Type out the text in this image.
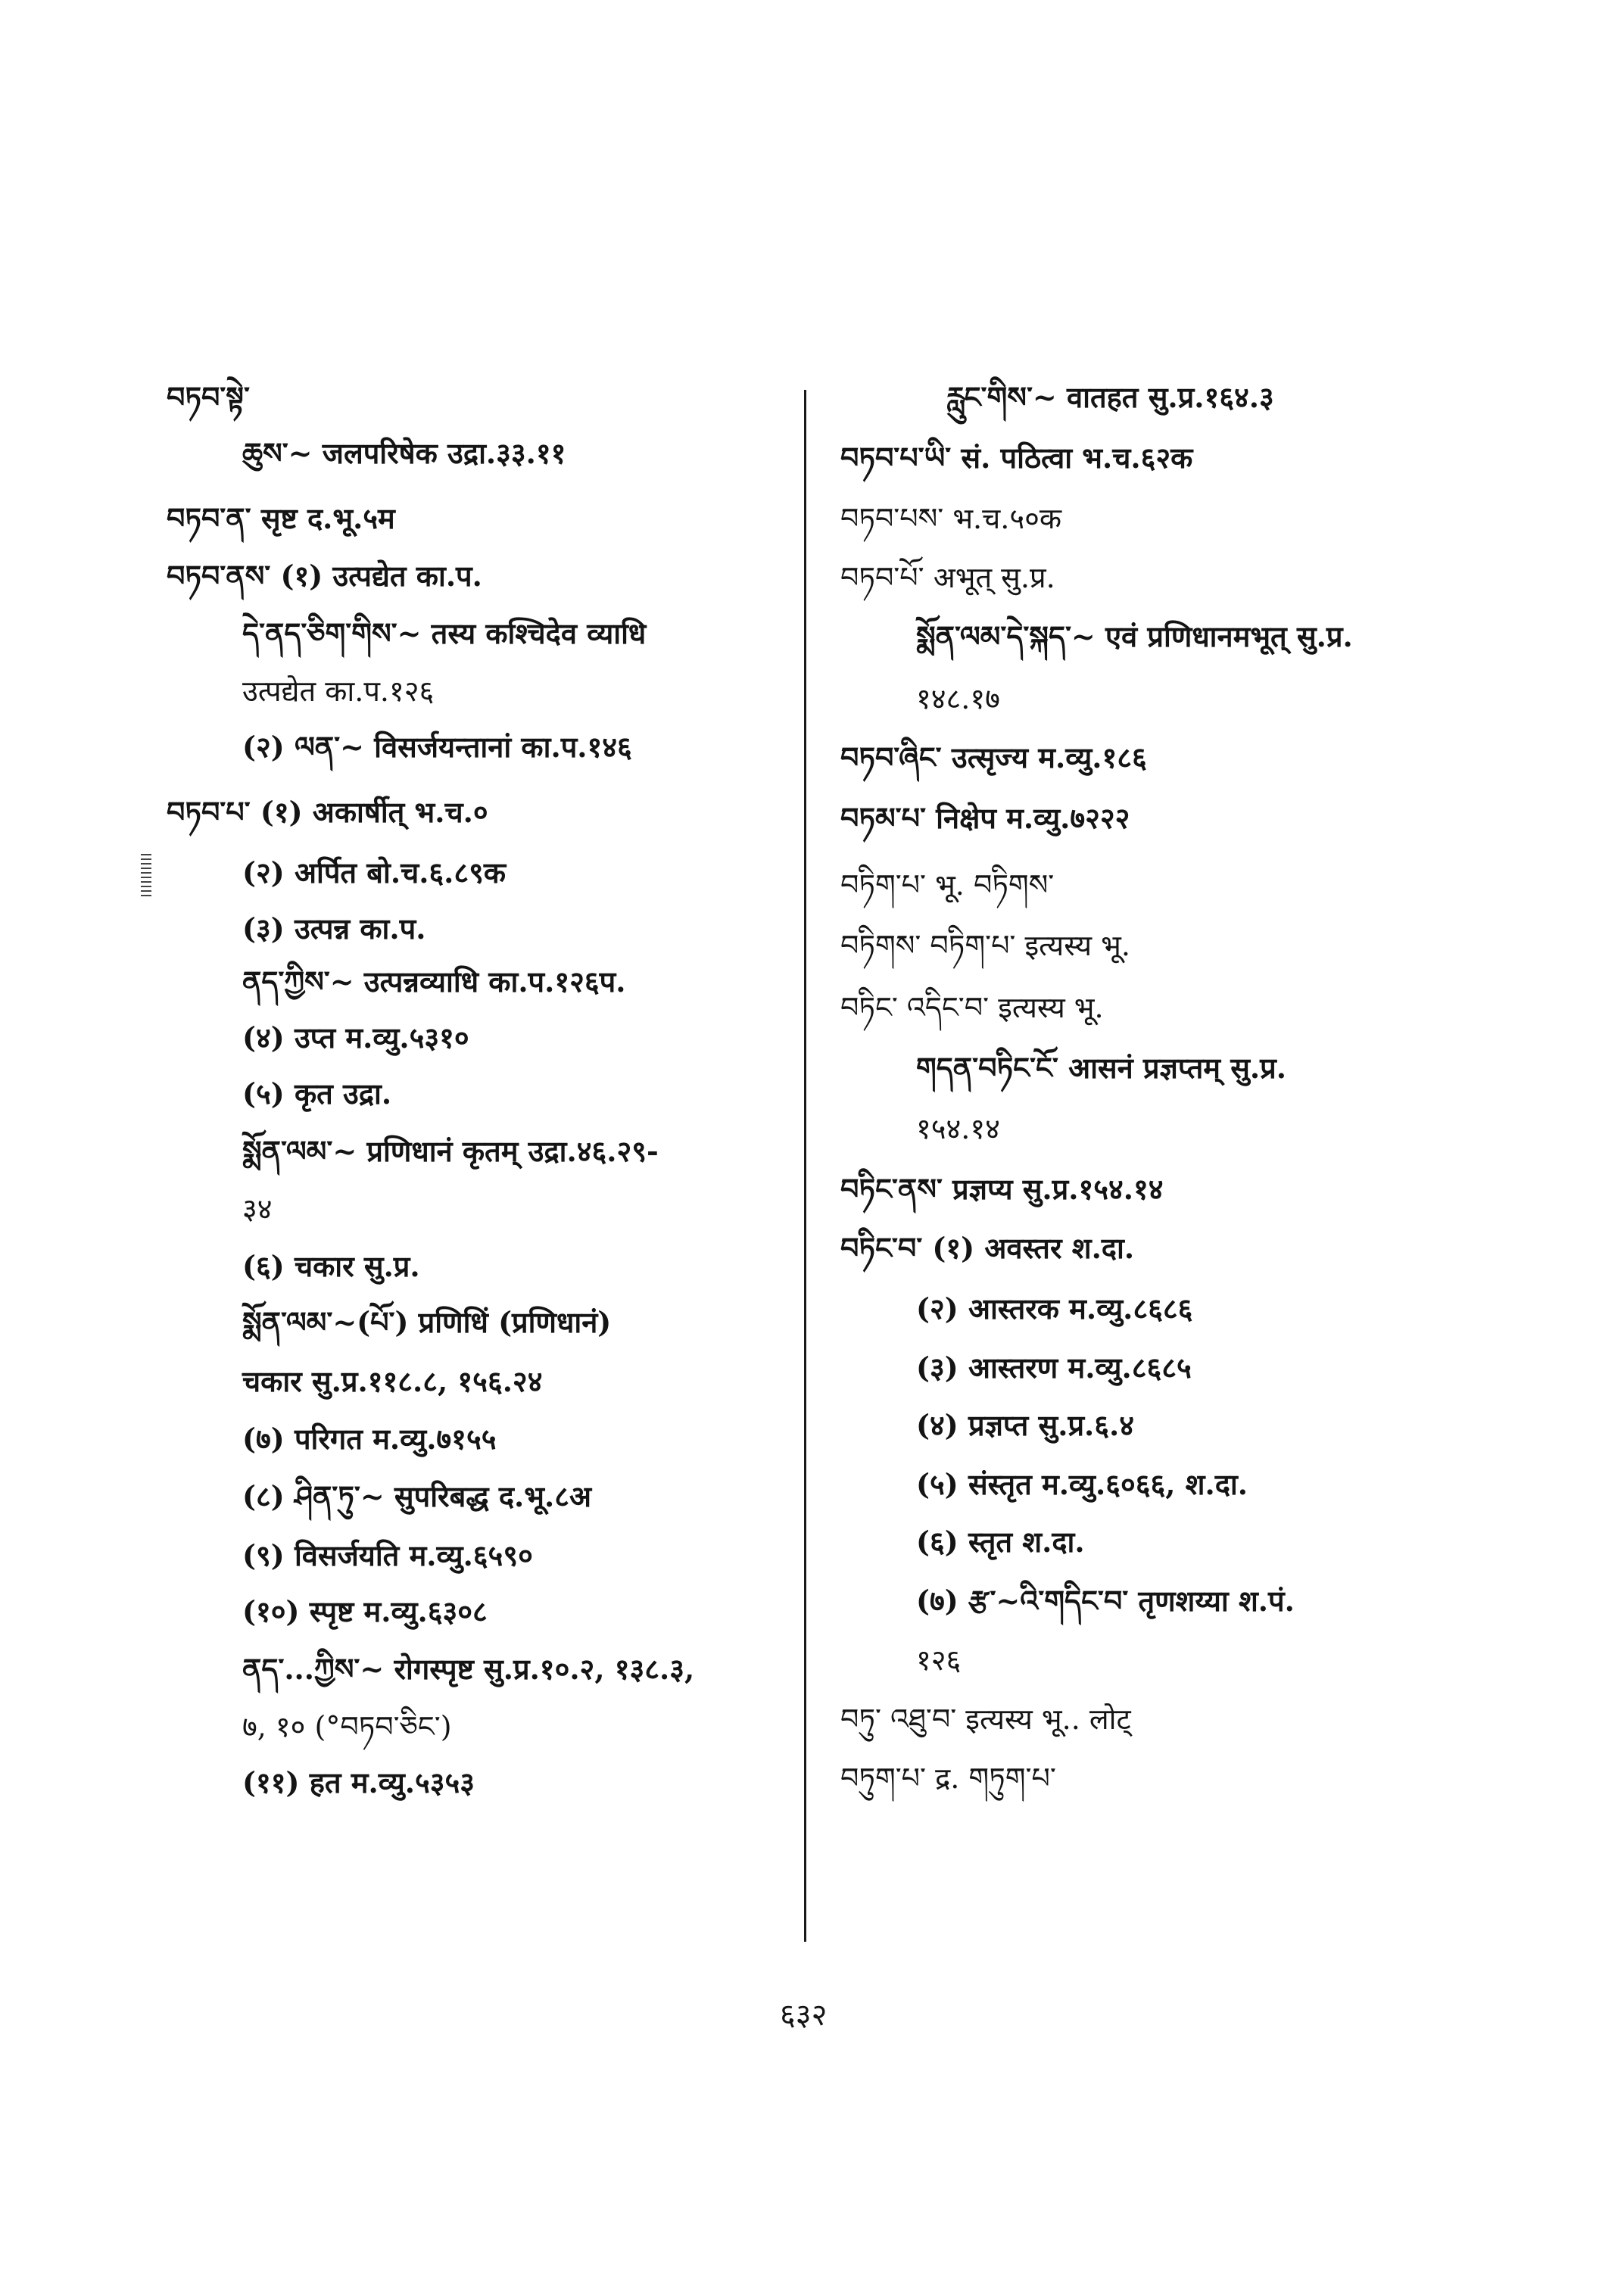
བཏབ་སྟེ་
ཆུས་~ जलपरिषेक उद्रा.३३.११
བཏབ་ན་ सृष्ट द.भू.५म
བཏབ་ནས་ (१) उत्पद्येत का.प.
དེ་ནད་ཅིག་གིས་~ तस्य कश्चिदेव व्याधि
उत्पद्येत का.प.१२६
(२) ལན་~ विसर्जयन्तानां का.प.१४६
བཏབ་པ་ (१) अकार्षीत् भ.च.०
(२) अर्पित बो.च.६.८९क
(३) उत्पन्न का.प.
ནད་ཀྱིས་~ उत्पन्नव्याधि का.प.१२६प.
(४) उप्त म.व्यु.५३१०
(५) कृत उद्रा.
སྨོན་ལམ་~ प्रणिधानं कृतम् उद्रा.४६.२९-
३४
(६) चकार सु.प्र.
སྨོན་ལམ་~(པོ་) प्रणिधिं (प्रणिधानं)
चकार सु.प्र.११८.८, १५६.२४
(७) परिगत म.व्यु.७१५५
(८) ཤིན་ཏུ་~ सुपरिबद्ध द.भू.८अ
(९) विसर्जयति म.व्यु.६५९०
(१०) स्पृष्ट म.व्यु.६३०८
ནད་...ཀྱིས་~ रोगस्पृष्ट सु.प्र.१०.२, १३८.३,
७, १० (°བཏབ་ཅིང་)
(११) हत म.व्यु.५३५३
རླུང་གིས་~ वातहत सु.प्र.१६४.३
བཏབ་པ་ཡི་ सं. पठित्वा भ.च.६२क
བཏབ་པས་ भ.च.५०क
བཏབ་པོ་ अभूत् सु.प्र.
སྨོན་ལམ་དེ་སྐད་~ एवं प्रणिधानमभूत् सु.प्र.
१४८.१७
བཏབ་ཞིང་ उत्सृज्य म.व्यु.१८६
བཏམ་པ་ निक्षेप म.व्यु.७२२२
བཏིག་པ་ भू. བཏིགས་
བཏིགས་ བཏིག་པ་ इत्यस्य भू.
བཏིང་ འདིང་བ་ इत्यस्य भू.
གདན་བཏིང་ངོ་ आसनं प्रज्ञप्तम् सु.प्र.
१५४.१४
བཏིང་ནས་ प्रज्ञप्य सु.प्र.१५४.१४
བཏིང་བ་ (१) अवस्तर श.दा.
(२) आस्तरक म.व्यु.८६८६
(३) आस्तरण म.व्यु.८६८५
(४) प्रज्ञप्त सु.प्र.६.४
(५) संस्तृत म.व्यु.६०६६, श.दा.
(६) स्तृत श.दा.
(७) རྩ་~འི་གདིང་བ་ तृणशय्या श.पं.
१२६
བཏུ་ འཐུ་བ་ इत्यस्य भू.. लोट्
བཏུག་པ་ द्र. གཏུག་པ་
६३२
